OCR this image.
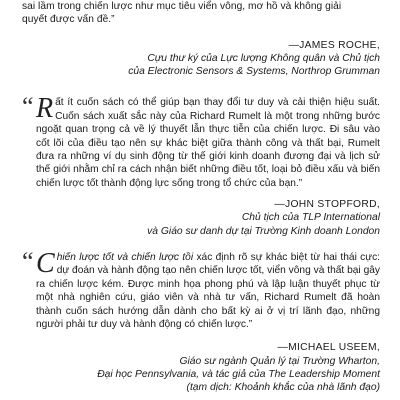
sai lầm trong chiến lược như mục tiêu viển vông, mơ hồ và không giải
quyết được vấn đề.”
—JAMES ROCHE,
Cựu thư ký của Lực lượng Không quân và Chủ tịch
của Electronic Sensors & Systems, Northrop Grumman
“ R ất ít cuốn sách có thể giúp bạn thay đổi tư duy và cải thiện hiệu suất. Cuốn sách xuất sắc này của Richard Rumelt là một trong những bước ngoặt quan trọng cả về lý thuyết lẫn thực tiễn của chiến lược. Đi sâu vào cốt lõi của điều tạo nên sự khác biệt giữa thành công và thất bại, Rumelt đưa ra những ví dụ sinh động từ thế giới kinh doanh đương đại và lịch sử thế giới nhằm chỉ ra cách nhận biết những điều tốt, loại bỏ điều xấu và biến chiến lược tốt thành động lực sống trong tổ chức của bạn.”
—JOHN STOPFORD,
Chủ tịch của TLP International
và Giáo sư danh dự tại Trường Kinh doanh London
“ C hiến lược tốt và chiến lược tồi xác định rõ sự khác biệt từ hai thái cực: dự đoán và hành động tạo nên chiến lược tốt, viển vông và thất bại gây ra chiến lược kém. Được minh họa phong phú và lập luận thuyết phục từ một nhà nghiên cứu, giáo viên và nhà tư vấn, Richard Rumelt đã hoàn thành cuốn sách hướng dẫn dành cho bất kỳ ai ở vị trí lãnh đạo, những người phải tư duy và hành động có chiến lược.”
—MICHAEL USEEM,
Giáo sư ngành Quản lý tại Trường Wharton,
Đại học Pennsylvania, và tác giả của The Leadership Moment
(tạm dịch: Khoảnh khắc của nhà lãnh đạo)
